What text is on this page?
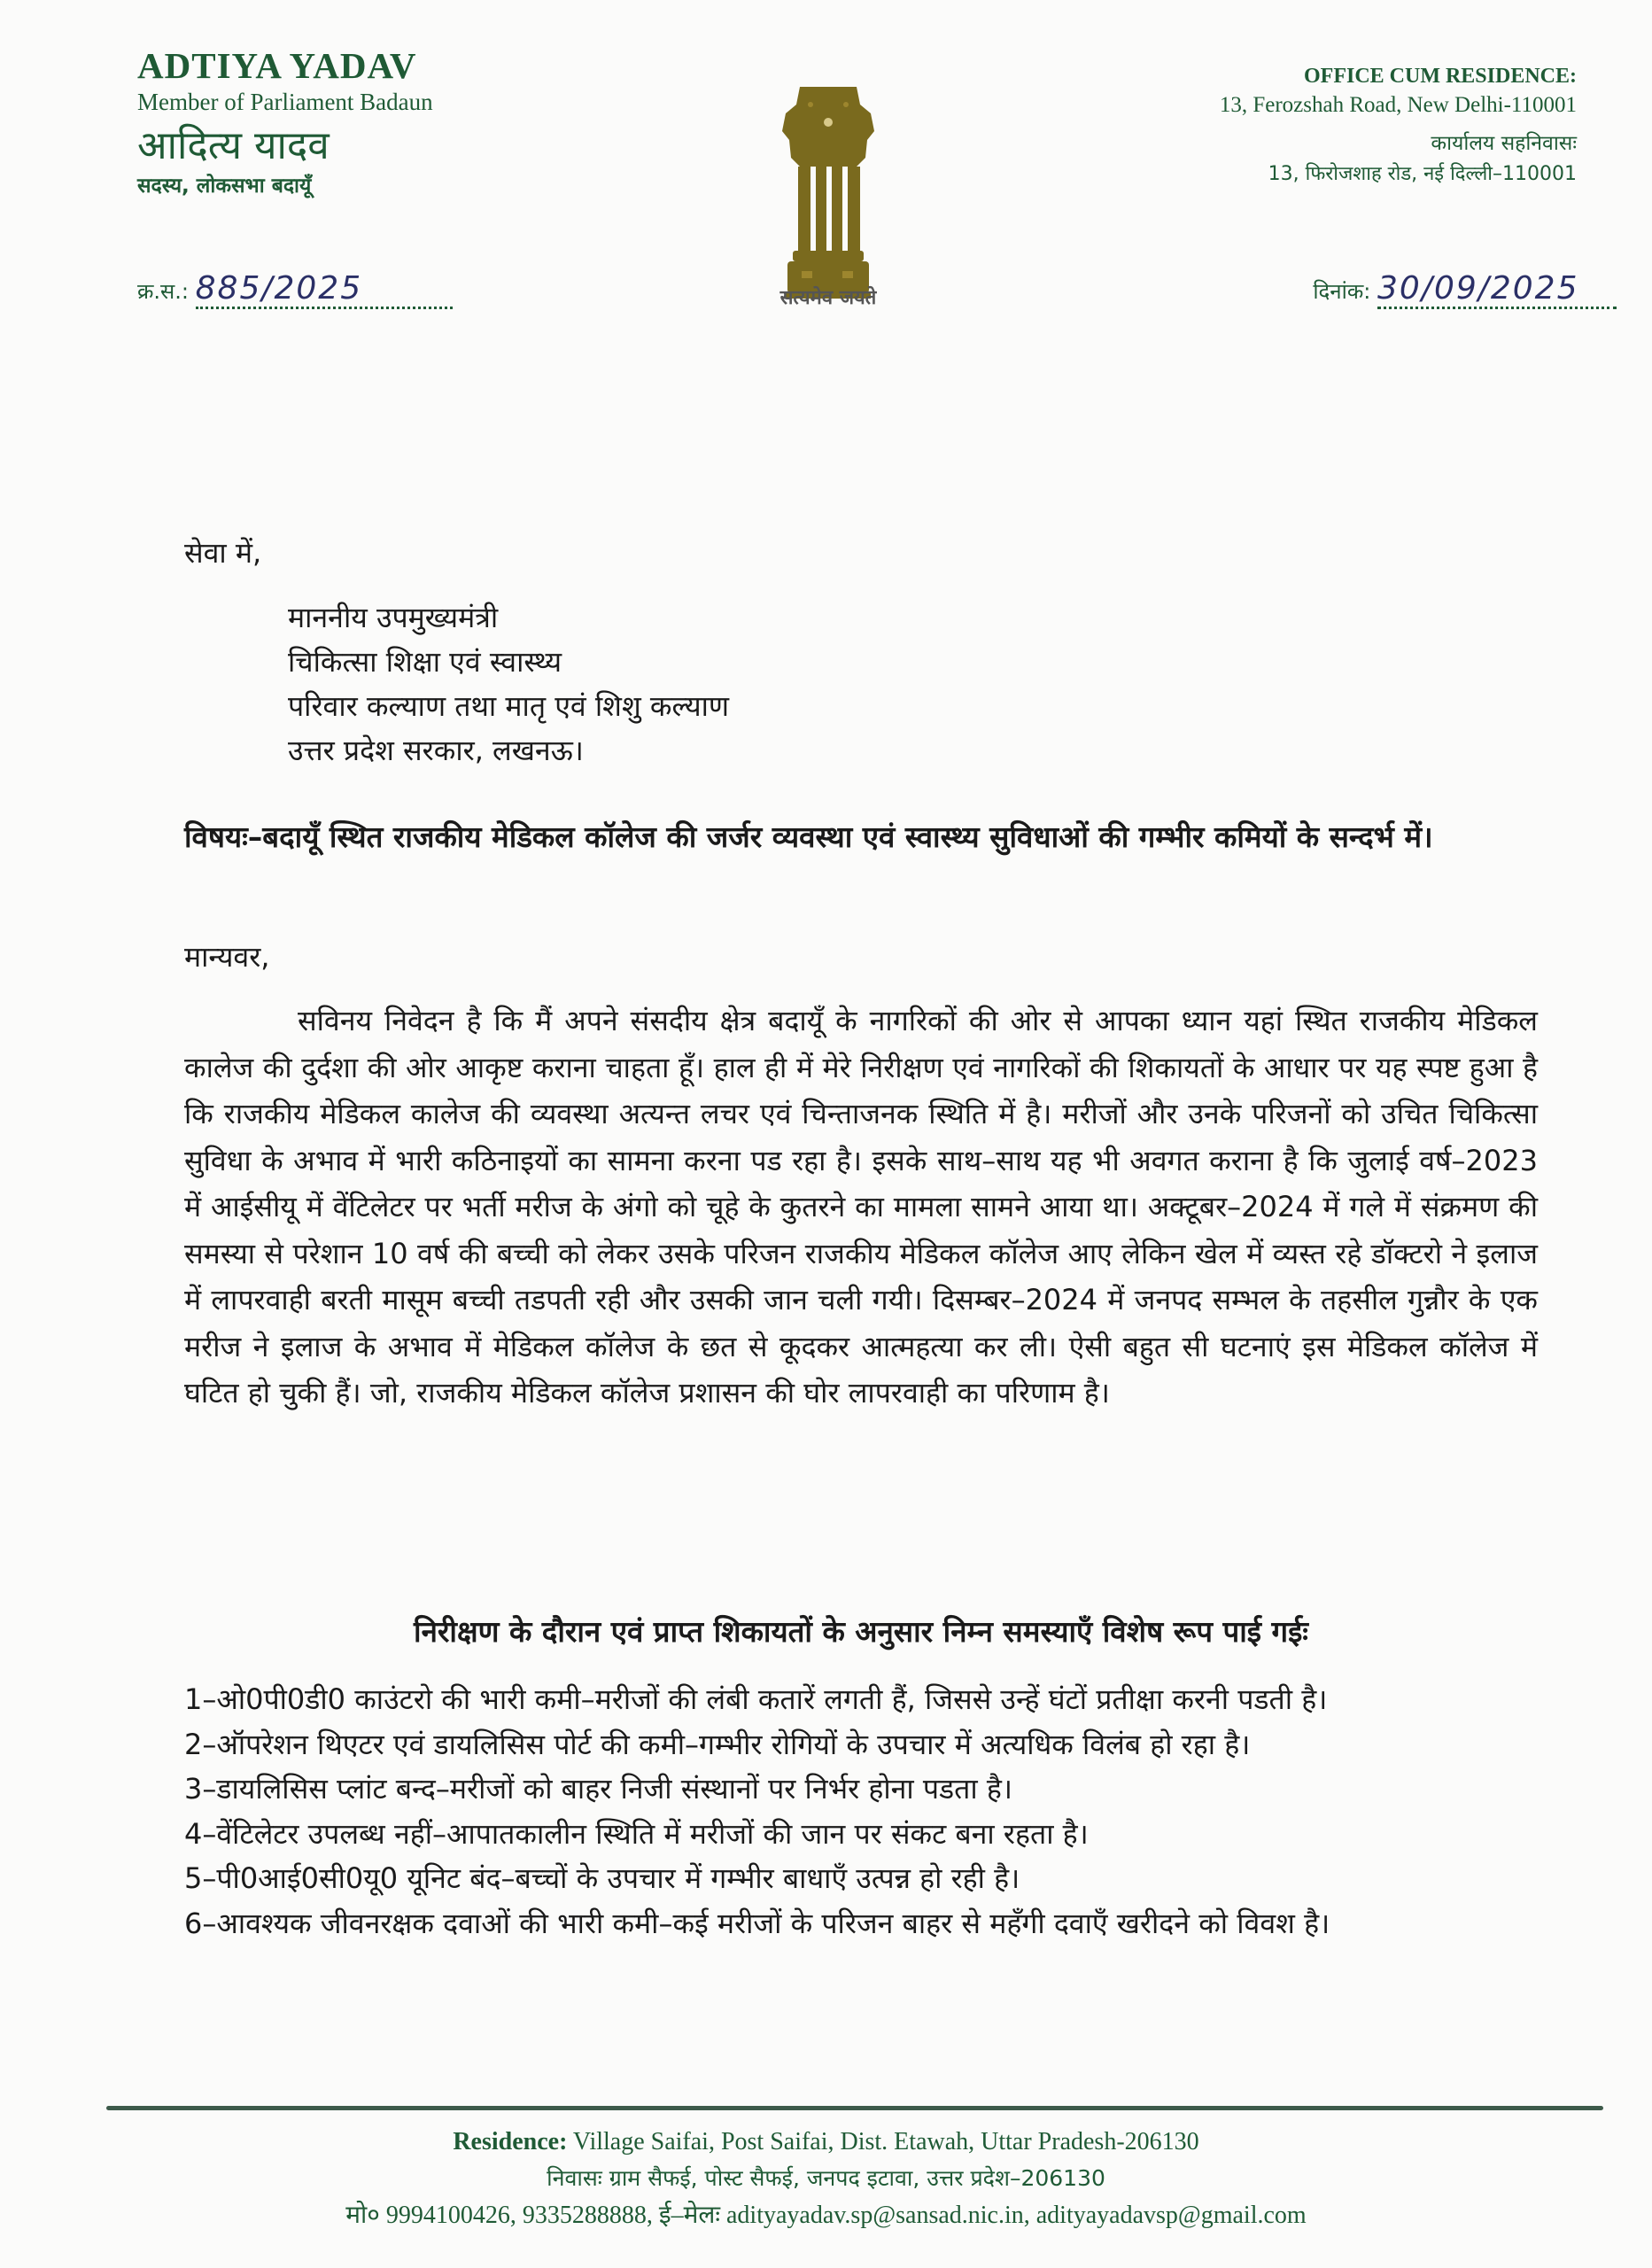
ADTIYA YADAV
Member of Parliament Badaun
आदित्य यादव
सदस्य, लोकसभा बदायूँ
सत्यमेव जयते
OFFICE CUM RESIDENCE:
13, Ferozshah Road, New Delhi-110001
कार्यालय सहनिवासः
13, फिरोजशाह रोड, नई दिल्ली–110001
क्र.स.: 885/2025	दिनांक: 30/09/2025
सेवा में,
माननीय उपमुख्यमंत्री
चिकित्सा शिक्षा एवं स्वास्थ्य
परिवार कल्याण तथा मातृ एवं शिशु कल्याण
उत्तर प्रदेश सरकार, लखनऊ।
विषयः–बदायूँ स्थित राजकीय मेडिकल कॉलेज की जर्जर व्यवस्था एवं स्वास्थ्य सुविधाओं की गम्भीर कमियों के सन्दर्भ में।
मान्यवर,
सविनय निवेदन है कि मैं अपने संसदीय क्षेत्र बदायूँ के नागरिकों की ओर से आपका ध्यान यहां स्थित राजकीय मेडिकल कालेज की दुर्दशा की ओर आकृष्ट कराना चाहता हूँ। हाल ही में मेरे निरीक्षण एवं नागरिकों की शिकायतों के आधार पर यह स्पष्ट हुआ है कि राजकीय मेडिकल कालेज की व्यवस्था अत्यन्त लचर एवं चिन्ताजनक स्थिति में है। मरीजों और उनके परिजनों को उचित चिकित्सा सुविधा के अभाव में भारी कठिनाइयों का सामना करना पड रहा है। इसके साथ–साथ यह भी अवगत कराना है कि जुलाई वर्ष–2023 में आईसीयू में वेंटिलेटर पर भर्ती मरीज के अंगो को चूहे के कुतरने का मामला सामने आया था। अक्टूबर–2024 में गले में संक्रमण की समस्या से परेशान 10 वर्ष की बच्ची को लेकर उसके परिजन राजकीय मेडिकल कॉलेज आए लेकिन खेल में व्यस्त रहे डॉक्टरो ने इलाज में लापरवाही बरती मासूम बच्ची तडपती रही और उसकी जान चली गयी। दिसम्बर–2024 में जनपद सम्भल के तहसील गुन्नौर के एक मरीज ने इलाज के अभाव में मेडिकल कॉलेज के छत से कूदकर आत्महत्या कर ली। ऐसी बहुत सी घटनाएं इस मेडिकल कॉलेज में घटित हो चुकी हैं। जो, राजकीय मेडिकल कॉलेज प्रशासन की घोर लापरवाही का परिणाम है।
निरीक्षण के दौरान एवं प्राप्त शिकायतों के अनुसार निम्न समस्याएँ विशेष रूप पाई गईः

1–ओ0पी0डी0 काउंटरो की भारी कमी–मरीजों की लंबी कतारें लगती हैं, जिससे उन्हें घंटों प्रतीक्षा करनी पडती है।

2–ऑपरेशन थिएटर एवं डायलिसिस पोर्ट की कमी–गम्भीर रोगियों के उपचार में अत्यधिक विलंब हो रहा है।

3–डायलिसिस प्लांट बन्द–मरीजों को बाहर निजी संस्थानों पर निर्भर होना पडता है।

4–वेंटिलेटर उपलब्ध नहीं–आपातकालीन स्थिति में मरीजों की जान पर संकट बना रहता है।

5–पी0आई0सी0यू0 यूनिट बंद–बच्चों के उपचार में गम्भीर बाधाएँ उत्पन्न हो रही है।

6–आवश्यक जीवनरक्षक दवाओं की भारी कमी–कई मरीजों के परिजन बाहर से महँगी दवाएँ खरीदने को विवश है।

Residence: Village Saifai, Post Saifai, Dist. Etawah, Uttar Pradesh-206130
निवासः ग्राम सैफई, पोस्ट सैफई, जनपद इटावा, उत्तर प्रदेश–206130
मो० 9994100426, 9335288888, ई–मेलः adityayadav.sp@sansad.nic.in, adityayadavsp@gmail.com
